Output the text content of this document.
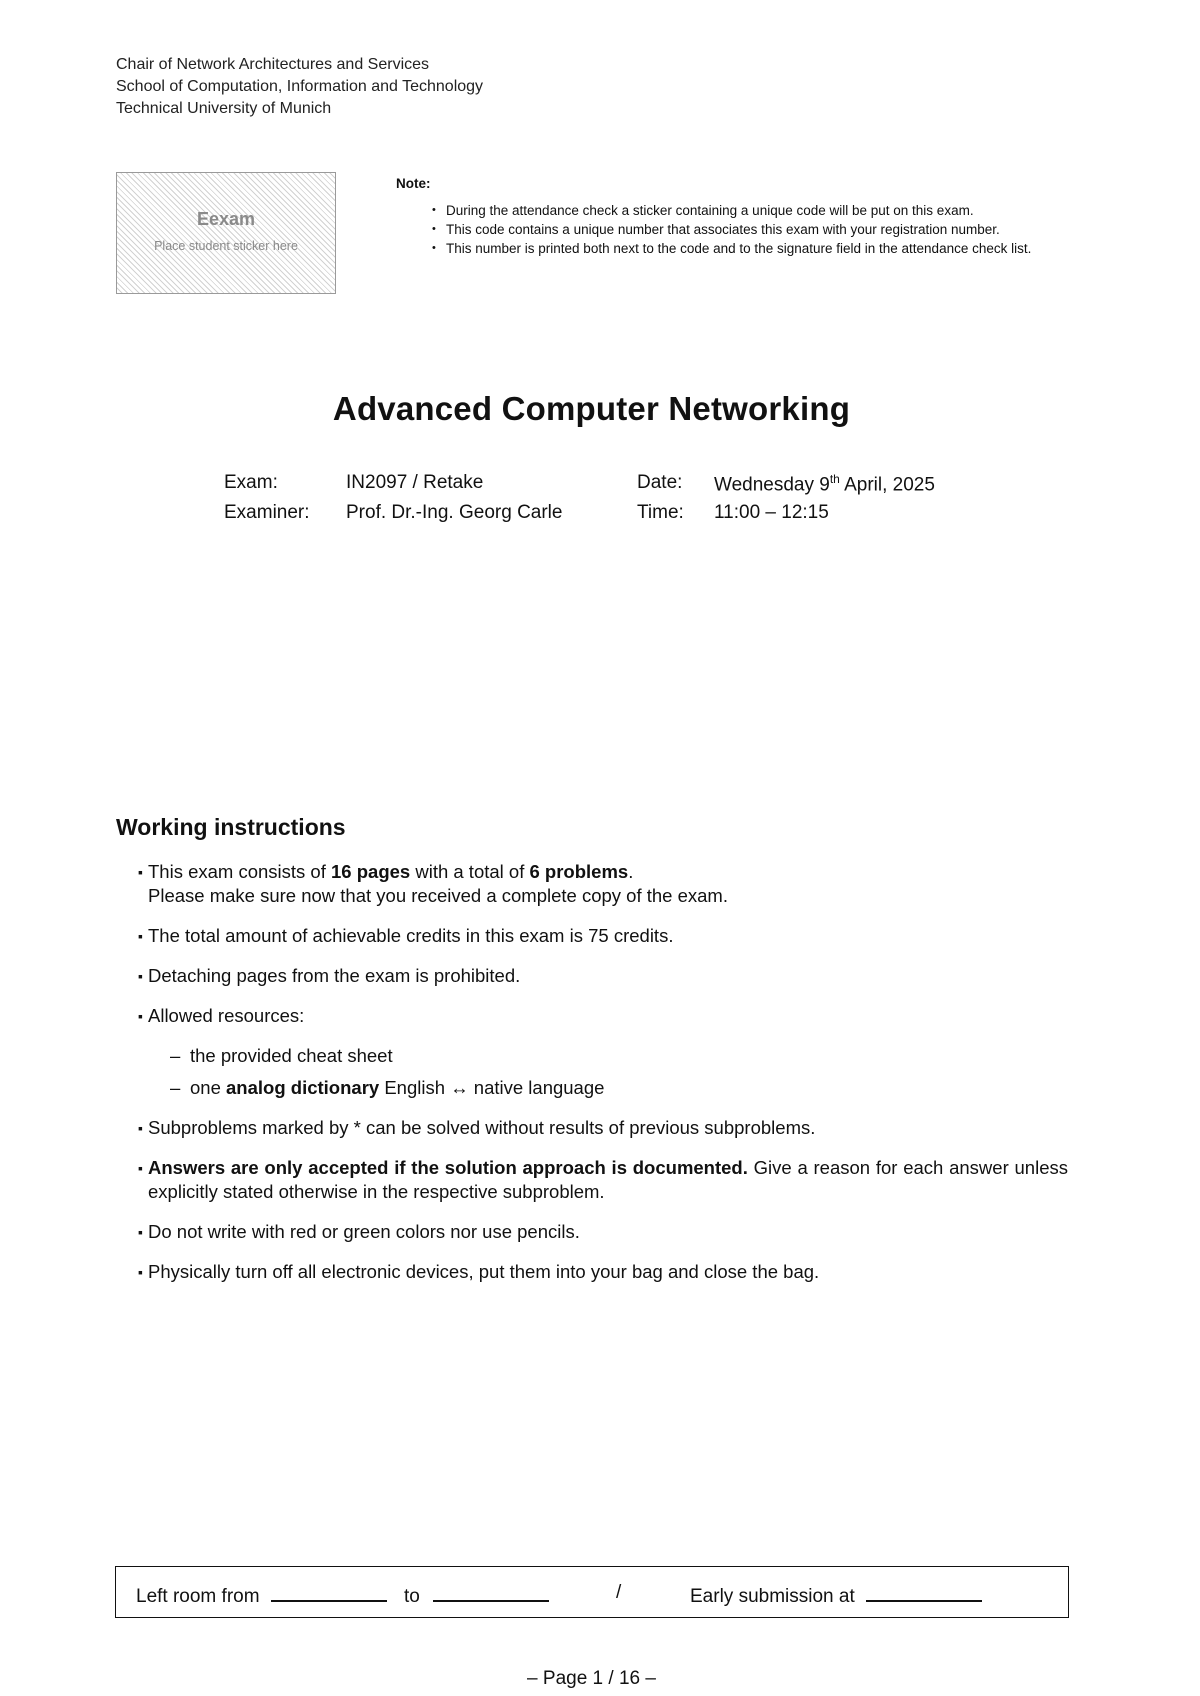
Chair of Network Architectures and Services
School of Computation, Information and Technology
Technical University of Munich
Eexam
Place student sticker here
Note:
• During the attendance check a sticker containing a unique code will be put on this exam.
• This code contains a unique number that associates this exam with your registration number.
• This number is printed both next to the code and to the signature field in the attendance check list.
Advanced Computer Networking
Exam:	IN2097 / Retake	Date: Wednesday 9th April, 2025
Examiner: Prof. Dr.-Ing. Georg Carle	Time: 11:00 – 12:15
Working instructions
▪ This exam consists of 16 pages with a total of 6 problems.
Please make sure now that you received a complete copy of the exam.
▪ The total amount of achievable credits in this exam is 75 credits.
▪ Detaching pages from the exam is prohibited.
▪ Allowed resources:
– the provided cheat sheet
– one analog dictionary English ↔ native language
▪ Subproblems marked by * can be solved without results of previous subproblems.
▪ Answers are only accepted if the solution approach is documented. Give a reason for each answer unless explicitly stated otherwise in the respective subproblem.
▪ Do not write with red or green colors nor use pencils.
▪ Physically turn off all electronic devices, put them into your bag and close the bag.
Left room from	to	/	Early submission at
– Page 1 / 16 –
